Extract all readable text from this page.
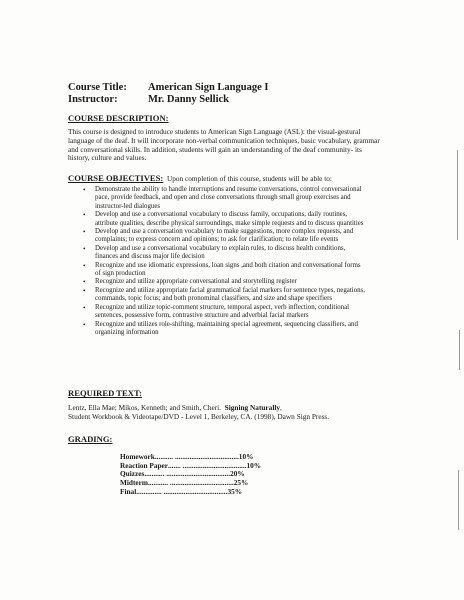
Course Title: American Sign Language I
Instructor:	Mr. Danny Sellick
COURSE DESCRIPTION:
This course is designed to introduce students to American Sign Language (ASL): the visual-gestural
language of the deaf. It will incorporate non-verbal communication techniques, basic vocabulary, grammar
and conversational skills. In addition, students will gain an understanding of the deaf community- its
history, culture and values.
COURSE OBJECTIVES: Upon completion of this course, students will be able to:
• Demonstrate the ability to handle interruptions and resume conversations, control conversational
pace, provide feedback, and open and close conversations through small group exercises and
instructor-led dialogues
• Develop and use a conversational vocabulary to discuss family, occupations, daily routines,
attribute qualities, describe physical surroundings, make simple requests and to discuss quantities
• Develop and use a conversation vocabulary to make suggestions, more complex requests, and
complaints; to express concern and opinions; to ask for clarification; to relate life events
• Develop and use a conversational vocabulary to explain rules, to discuss health conditions,
finances and discuss major life decision
• Recognize and use idiomatic expressions, loan signs ,and both citation and conversational forms
of sign production
• Recognize and utilize appropriate conversational and storytelling register
• Recognize and utilize appropriate facial grammatical facial markers for sentence types, negations,
commands, topic focus; and both pronominal classifiers, and size and shape specifiers
• Recognize and utilize topic-comment structure, temporal aspect, verb inflection, conditional
sentences, possessive form, contrastive structure and adverbial facial markers
• Recognize and utilizes role-shifting, maintaining special agreement, sequencing classifiers, and
organizing information
REQUIRED TEXT:
Lentz, Ella Mae; Mikos, Kenneth; and Smith, Cheri. Signing Naturally,
Student Workbook & Videotape/DVD - Level 1, Berkeley, CA. (1998), Dawn Sign Press.
GRADING:
Homework.......... ...................................10%
Reaction Paper....... ...................................10%
Quizzes........... ...................................20%
Midterm........... ...................................25%
Final.............. ...................................35%
